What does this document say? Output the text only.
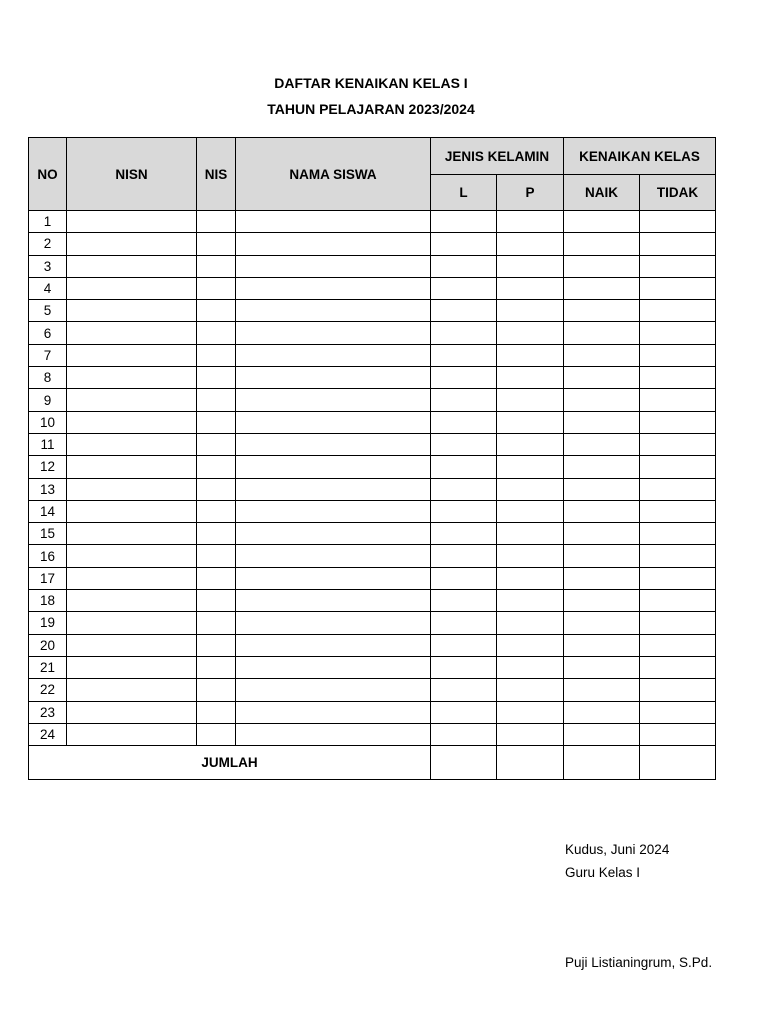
DAFTAR KENAIKAN KELAS I
TAHUN PELAJARAN 2023/2024
NO	NISN	NIS	NAMA SISWA	JENIS KELAMIN		KENAIKAN KELAS	
				L	P	NAIK	TIDAK
1							
2							
3							
4							
5							
6							
7							
8							
9							
10							
11							
12							
13							
14							
15							
16							
17							
18							
19							
20							
21							
22							
23							
24							
JUMLAH							
Kudus, Juni 2024
Guru Kelas I
Puji Listianingrum, S.Pd.
